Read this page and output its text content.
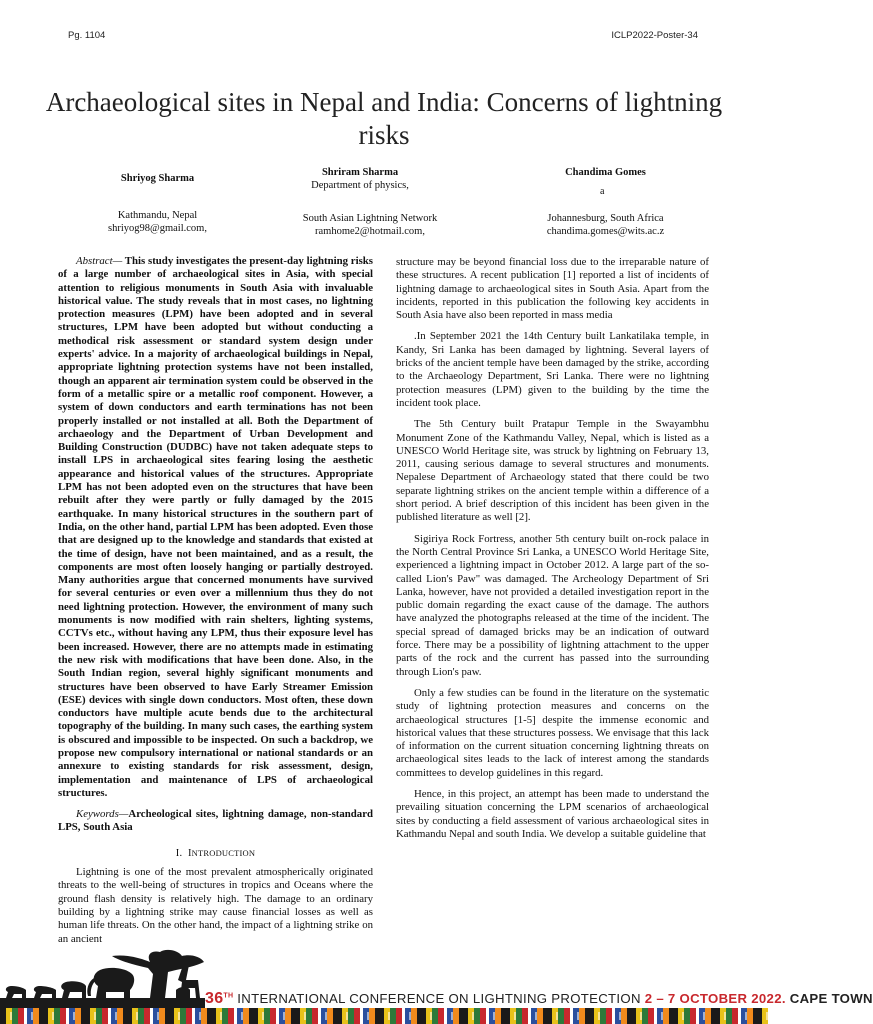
Pg. 1104	ICLP2022-Poster-34
Archaeological sites in Nepal and India: Concerns of lightning risks
Shriyog Sharma
Shriram Sharma
Department of physics,
Chandima Gomes
a
Kathmandu, Nepal
shriyog98@gmail.com,
South Asian Lightning Network
ramhome2@hotmail.com,
Johannesburg, South Africa
chandima.gomes@wits.ac.z

Abstract— This study investigates the present-day lightning risks of a large number of archaeological sites in Asia, with special attention to religious monuments in South Asia with invaluable historical value. The study reveals that in most cases, no lightning protection measures (LPM) have been adopted and in several structures, LPM have been adopted but without conducting a methodical risk assessment or standard system design under experts' advice. In a majority of archaeological buildings in Nepal, appropriate lightning protection systems have not been installed, though an apparent air termination system could be observed in the form of a metallic spire or a metallic roof component. However, a system of down conductors and earth terminations has not been properly installed or not installed at all. Both the Department of archaeology and the Department of Urban Development and Building Construction (DUDBC) have not taken adequate steps to install LPS in archaeological sites fearing losing the aesthetic appearance and historical values of the structures. Appropriate LPM has not been adopted even on the structures that have been rebuilt after they were partly or fully damaged by the 2015 earthquake. In many historical structures in the southern part of India, on the other hand, partial LPM has been adopted. Even those that are designed up to the knowledge and standards that existed at the time of design, have not been maintained, and as a result, the components are most often loosely hanging or partially destroyed. Many authorities argue that concerned monuments have survived for several centuries or even over a millennium thus they do not need lightning protection. However, the environment of many such monuments is now modified with rain shelters, lighting systems, CCTVs etc., without having any LPM, thus their exposure level has been increased. However, there are no attempts made in estimating the new risk with modifications that have been done. Also, in the South Indian region, several highly significant monuments and structures have been observed to have Early Streamer Emission (ESE) devices with single down conductors. Most often, these down conductors have multiple acute bends due to the architectural topography of the building. In many such cases, the earthing system is obscured and impossible to be inspected. On such a backdrop, we propose new compulsory international or national standards or an annexure to existing standards for risk assessment, design, implementation and maintenance of LPS of archaeological structures.

Keywords—Archeological sites, lightning damage, non-standard LPS, South Asia

I. INTRODUCTION

Lightning is one of the most prevalent atmospherically originated threats to the well-being of structures in tropics and Oceans where the ground flash density is relatively high. The damage to an ordinary building by a lightning strike may cause financial losses as well as human life threats. On the other hand, the impact of a lightning strike on an ancient

structure may be beyond financial loss due to the irreparable nature of these structures. A recent publication [1] reported a list of incidents of lightning damage to archaeological sites in South Asia. Apart from the incidents, reported in this publication the following key accidents in South Asia have also been reported in mass media

.In September 2021 the 14th Century built Lankatilaka temple, in Kandy, Sri Lanka has been damaged by lightning. Several layers of bricks of the ancient temple have been damaged by the strike, according to the Archaeology Department, Sri Lanka. There were no lightning protection measures (LPM) given to the building by the time the incident took place.

The 5th Century built Pratapur Temple in the Swayambhu Monument Zone of the Kathmandu Valley, Nepal, which is listed as a UNESCO World Heritage site, was struck by lightning on February 13, 2011, causing serious damage to several structures and monuments. Nepalese Department of Archaeology stated that there could be two separate lightning strikes on the ancient temple within a difference of a short period. A brief description of this incident has been given in the published literature as well [2].

Sigiriya Rock Fortress, another 5th century built on-rock palace in the North Central Province Sri Lanka, a UNESCO World Heritage Site, experienced a lightning impact in October 2012. A large part of the so-called Lion's Paw" was damaged. The Archeology Department of Sri Lanka, however, have not provided a detailed investigation report in the public domain regarding the exact cause of the damage. The authors have analyzed the photographs released at the time of the incident. The special spread of damaged bricks may be an indication of outward force. There may be a possibility of lightning attachment to the upper parts of the rock and the current has passed into the surrounding through Lion's paw.

Only a few studies can be found in the literature on the systematic study of lightning protection measures and concerns on the archaeological structures [1-5] despite the immense economic and historical values that these structures possess. We envisage that this lack of information on the current situation concerning lightning threats on archaeological sites leads to the lack of interest among the standards committees to develop guidelines in this regard.

Hence, in this project, an attempt has been made to understand the prevailing situation concerning the LPM scenarios of archaeological sites by conducting a field assessment of various archaeological sites in Kathmandu Nepal and south India. We develop a suitable guideline that

36TH INTERNATIONAL CONFERENCE ON LIGHTNING PROTECTION 2 – 7 OCTOBER 2022. CAPE TOWN
